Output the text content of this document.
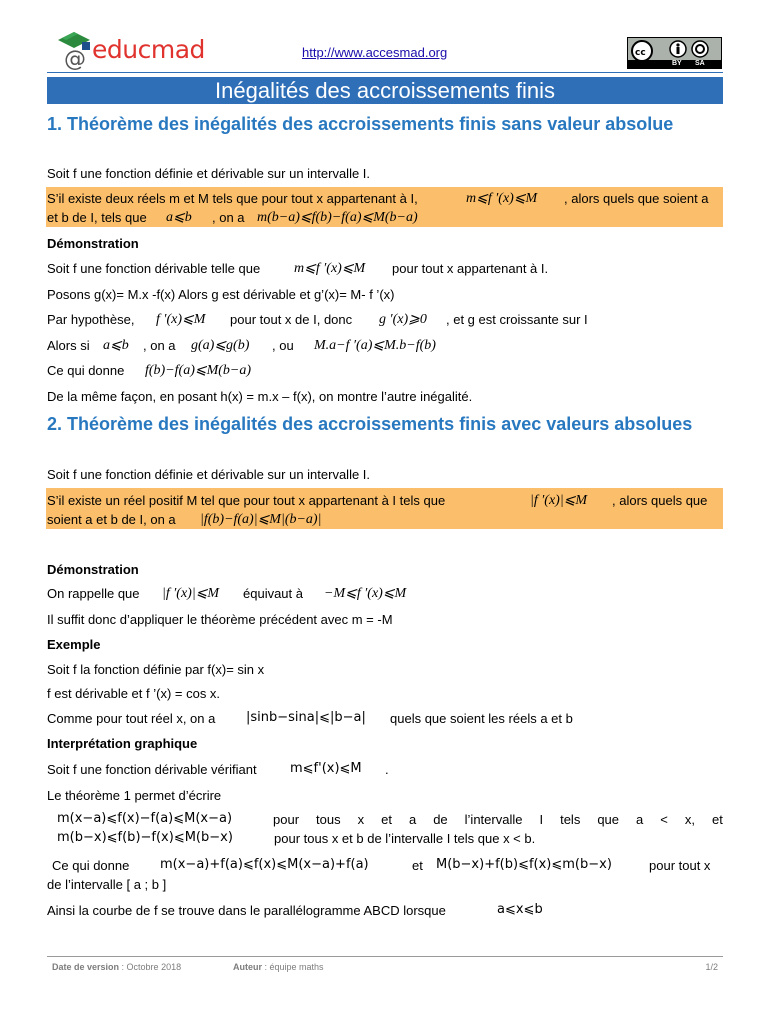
@ educmad	http://www.accesmad.org	cc
BY SA
Inégalités des accroissements finis
1. Théorème des inégalités des accroissements finis sans valeur absolue
Soit f une fonction définie et dérivable sur un intervalle I.
S’il existe deux réels m et M tels que pour tout x appartenant à I,	m⩽f ′(x)⩽M , alors quels que soient a
et b de I, tels que a⩽b , on a m(b−a)⩽f(b)−f(a)⩽M(b−a)
Démonstration
Soit f une fonction dérivable telle que m⩽f ′(x)⩽M pour tout x appartenant à I.
Posons g(x)= M.x -f(x) Alors g est dérivable et g’(x)= M- f ’(x)
Par hypothèse, f ′(x)⩽M pour tout x de I, donc g ′(x)⩾0 , et g est croissante sur I
Alors si a⩽b , on a g(a)⩽g(b) , ou M.a−f ′(a)⩽M.b−f(b)
Ce qui donne f(b)−f(a)⩽M(b−a)
De la même façon, en posant h(x) = m.x – f(x), on montre l’autre inégalité.
2. Théorème des inégalités des accroissements finis avec valeurs absolues
Soit f une fonction définie et dérivable sur un intervalle I.
S’il existe un réel positif M tel que pour tout x appartenant à I tels que	|f ′(x)|⩽M , alors quels que
soient a et b de I, on a |f(b)−f(a)|⩽M|(b−a)|
Démonstration
On rappelle que |f ′(x)|⩽M équivaut à −M⩽f ′(x)⩽M
Il suffit donc d’appliquer le théorème précédent avec m = -M
Exemple
Soit f la fonction définie par f(x)= sin x
f est dérivable et f ’(x) = cos x.
Comme pour tout réel x, on a |sinb−sina|⩽|b−a| quels que soient les réels a et b
Interprétation graphique
Soit f une fonction dérivable vérifiant	m⩽f'(x)⩽M .
Le théorème 1 permet d’écrire
m(x−a)⩽f(x)−f(a)⩽M(x−a)	pour tous x et a de l’intervalle I tels que a < x, et
m(b−x)⩽f(b)−f(x)⩽M(b−x)	pour tous x et b de l’intervalle I tels que x < b.
Ce qui donne m(x−a)+f(a)⩽f(x)⩽M(x−a)+f(a)	et M(b−x)+f(b)⩽f(x)⩽m(b−x)	pour tout x
de l’intervalle [ a ; b ]
Ainsi la courbe de f se trouve dans le parallélogramme ABCD lorsque	a⩽x⩽b
Date de version : Octobre 2018	Auteur : équipe maths	1/2
